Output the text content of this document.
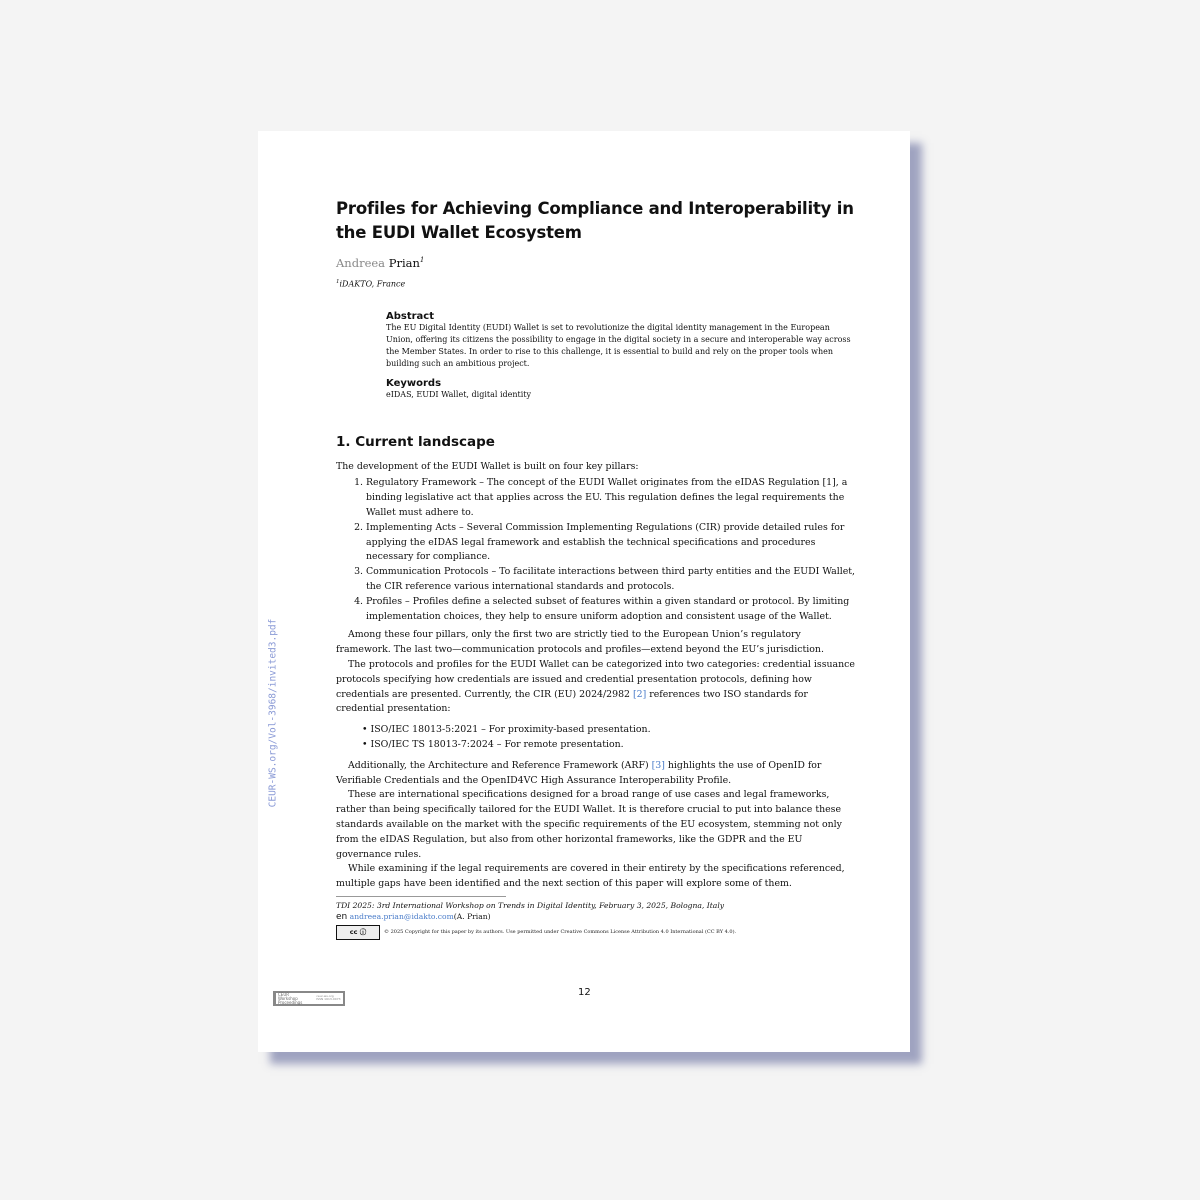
CEUR-WS.org/Vol-3968/invited3.pdf
Profiles for Achieving Compliance and Interoperability in
the EUDI Wallet Ecosystem
Andreea Prian$^1$
$^1$iDAKTO, France

Abstract

The EU Digital Identity (EUDI) Wallet is set to revolutionize the digital identity management in the European Union, offering its citizens the possibility to engage in the digital society in a secure and interoperable way across the Member States. In order to rise to this challenge, it is essential to build and rely on the proper tools when building such an ambitious project.

Keywords

eIDAS, EUDI Wallet, digital identity

1. Current landscape

The development of the EUDI Wallet is built on four key pillars:

1. Regulatory Framework – The concept of the EUDI Wallet originates from the eIDAS Regulation [1], a binding legislative act that applies across the EU. This regulation defines the legal requirements the Wallet must adhere to.
2. Implementing Acts – Several Commission Implementing Regulations (CIR) provide detailed rules for applying the eIDAS legal framework and establish the technical specifications and procedures necessary for compliance.
3. Communication Protocols – To facilitate interactions between third party entities and the EUDI Wallet, the CIR reference various international standards and protocols.
4. Profiles – Profiles define a selected subset of features within a given standard or protocol. By limiting implementation choices, they help to ensure uniform adoption and consistent usage of the Wallet.

Among these four pillars, only the first two are strictly tied to the European Union’s regulatory framework. The last two—communication protocols and profiles—extend beyond the EU’s jurisdiction.

The protocols and profiles for the EUDI Wallet can be categorized into two categories: credential issuance protocols specifying how credentials are issued and credential presentation protocols, defining how credentials are presented. Currently, the CIR (EU) 2024/2982 [2] references two ISO standards for credential presentation:

• ISO/IEC 18013-5:2021 – For proximity-based presentation.
• ISO/IEC TS 18013-7:2024 – For remote presentation.

Additionally, the Architecture and Reference Framework (ARF) [3] highlights the use of OpenID for Verifiable Credentials and the OpenID4VC High Assurance Interoperability Profile.

These are international specifications designed for a broad range of use cases and legal frameworks, rather than being specifically tailored for the EUDI Wallet. It is therefore crucial to put into balance these standards available on the market with the specific requirements of the EU ecosystem, stemming not only from the eIDAS Regulation, but also from other horizontal frameworks, like the GDPR and the EU governance rules.

While examining if the legal requirements are covered in their entirety by the specifications referenced, multiple gaps have been identified and the next section of this paper will explore some of them.

TDI 2025: 3rd International Workshop on Trends in Digital Identity, February 3, 2025, Bologna, Italy
en andreea.prian@idakto.com(A. Prian)
cc ⓘ	© 2025 Copyright for this paper by its authors. Use permitted under Creative Commons License Attribution 4.0 International (CC BY 4.0).
12
CEUR
Workshop
Proceedings
ceur-ws.org
ISSN 1613-0073
